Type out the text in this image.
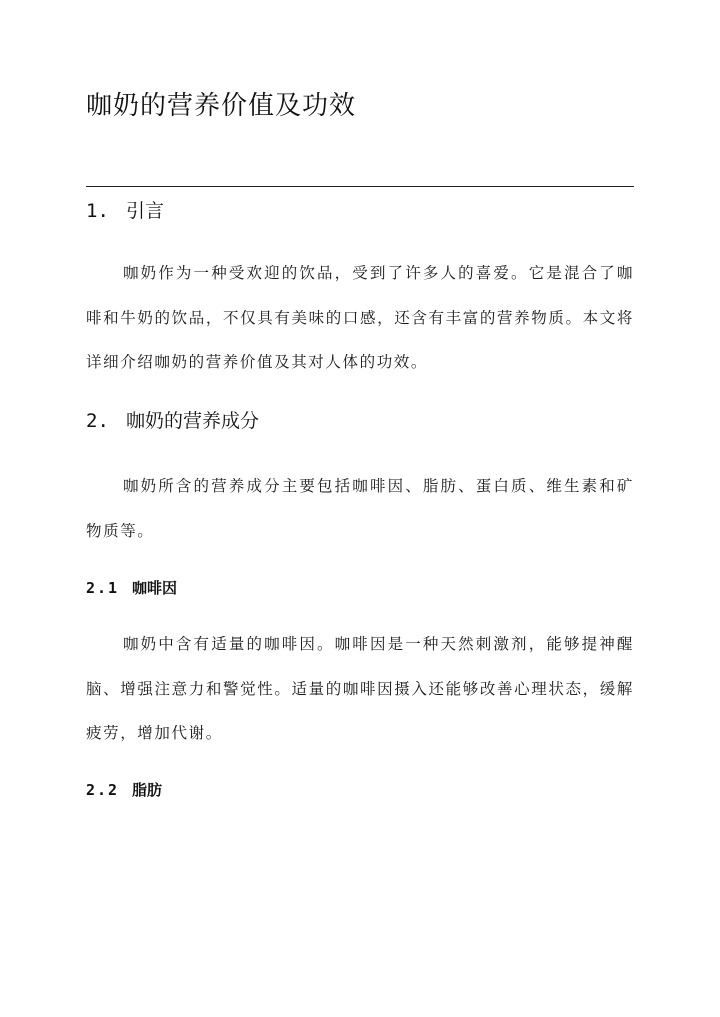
咖奶的营养价值及功效
1. 引言

咖奶作为一种受欢迎的饮品，受到了许多人的喜爱。它是混合了咖啡和牛奶的饮品，不仅具有美味的口感，还含有丰富的营养物质。本文将详细介绍咖奶的营养价值及其对人体的功效。

2. 咖奶的营养成分

咖奶所含的营养成分主要包括咖啡因、脂肪、蛋白质、维生素和矿物质等。

2.1 咖啡因

咖奶中含有适量的咖啡因。咖啡因是一种天然刺激剂，能够提神醒脑、增强注意力和警觉性。适量的咖啡因摄入还能够改善心理状态，缓解疲劳，增加代谢。

2.2 脂肪
